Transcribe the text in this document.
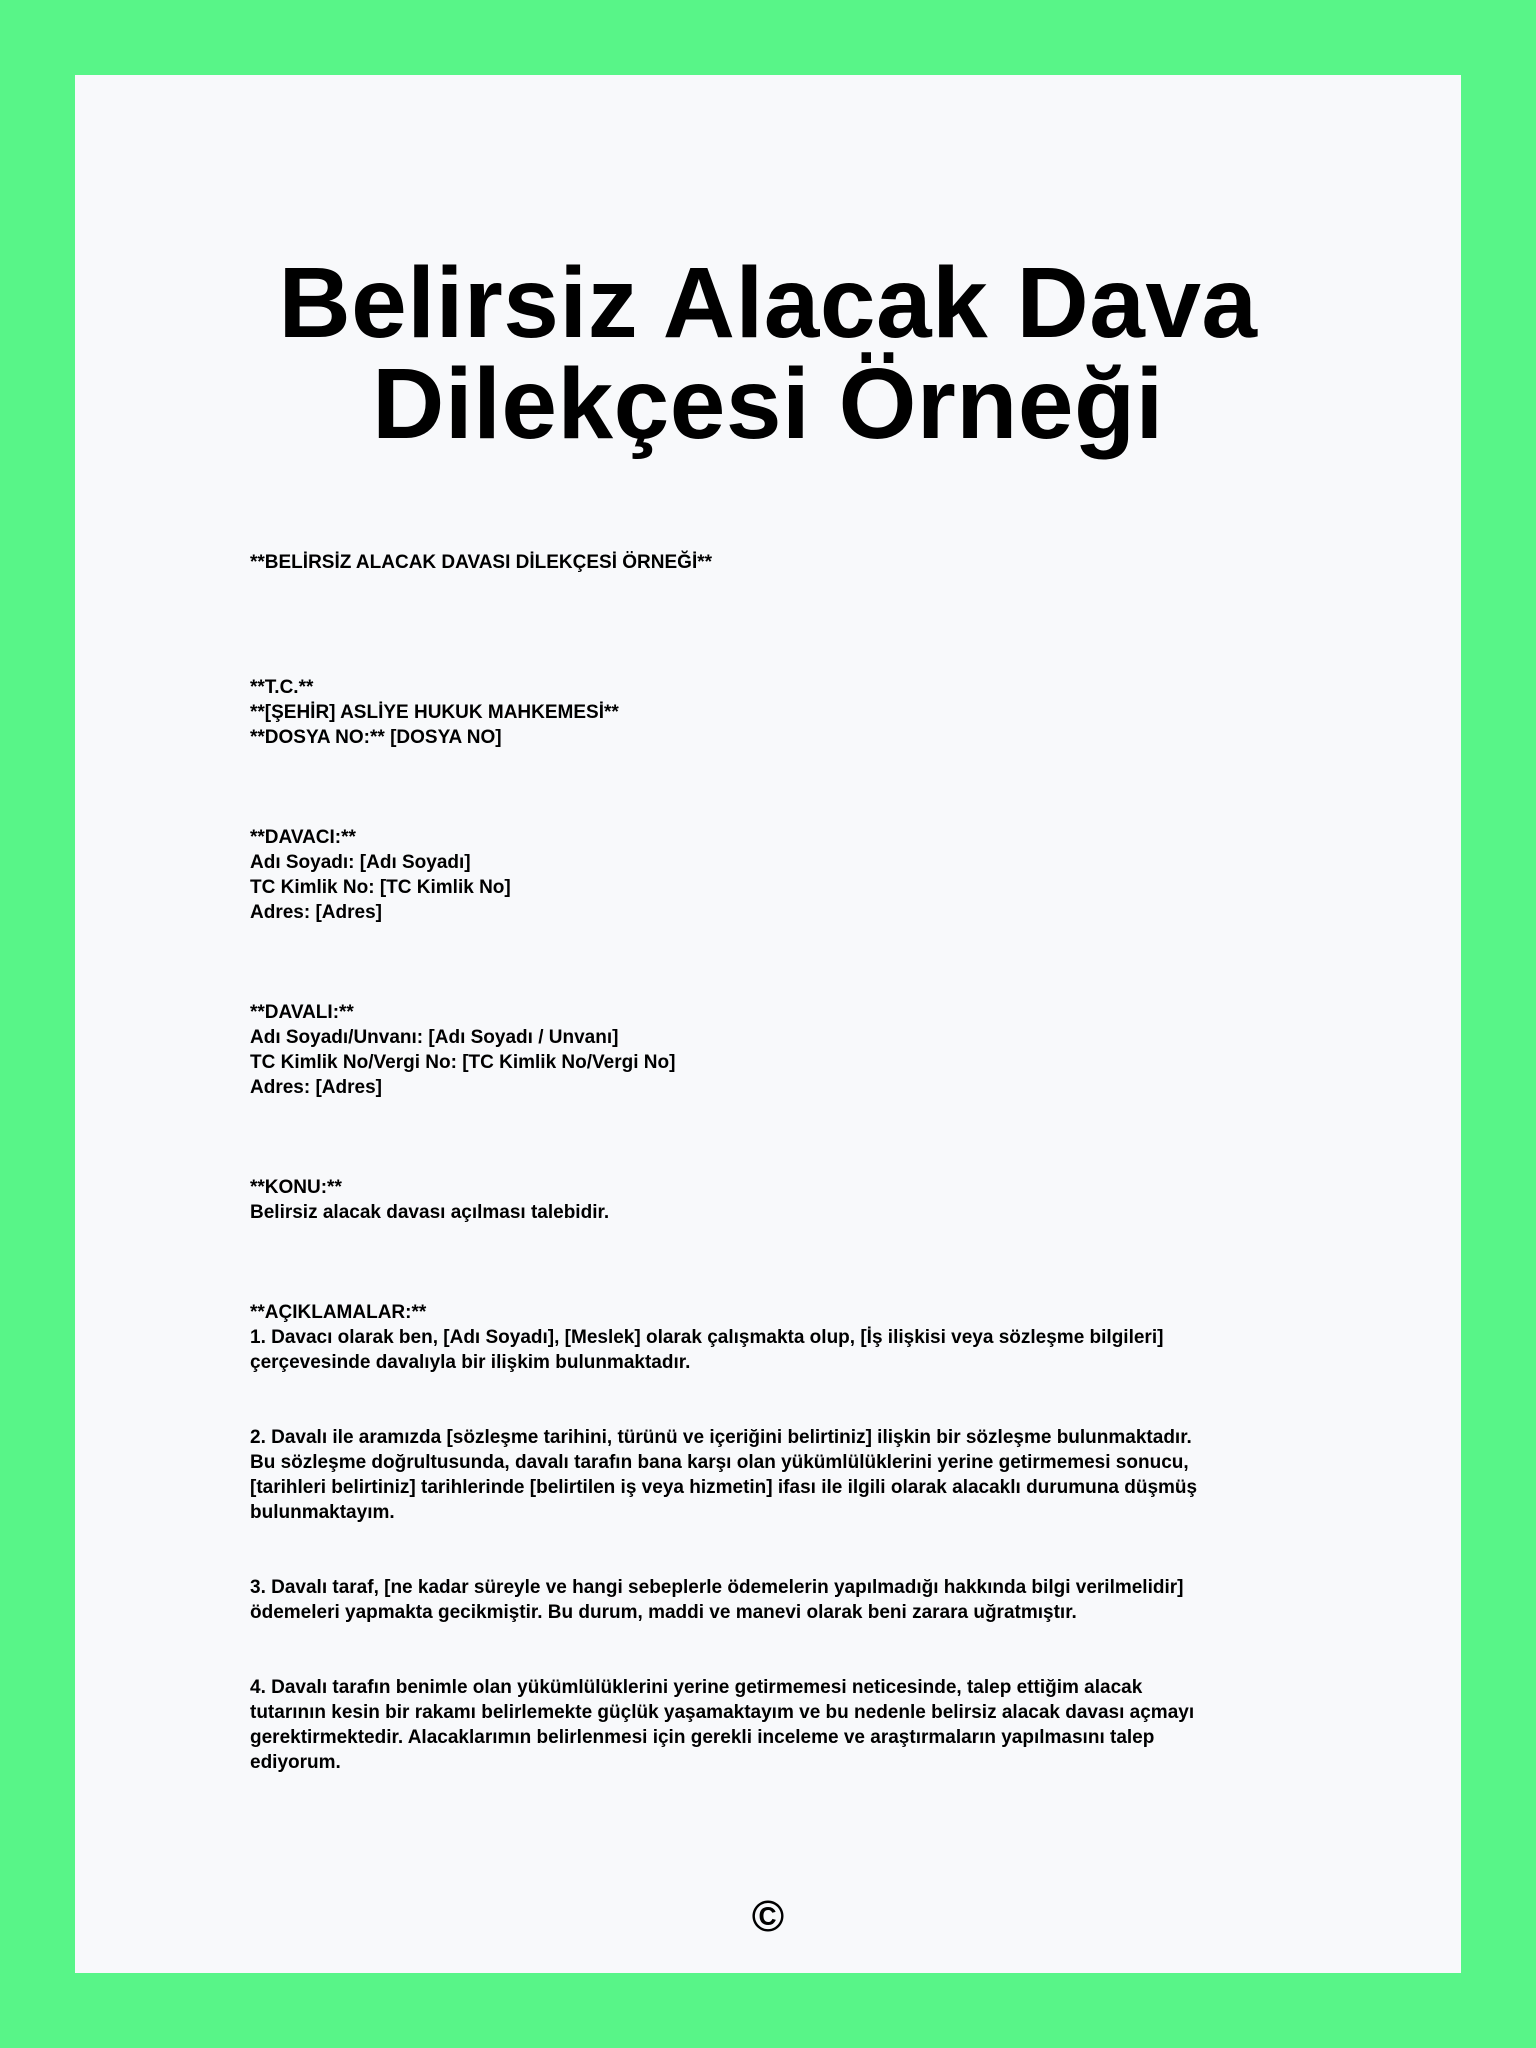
Belirsiz Alacak Dava
Dilekçesi Örneği
**BELİRSİZ ALACAK DAVASI DİLEKÇESİ ÖRNEĞİ**
**T.C.**
**[ŞEHİR] ASLİYE HUKUK MAHKEMESİ**
**DOSYA NO:** [DOSYA NO]
**DAVACI:**
Adı Soyadı: [Adı Soyadı]
TC Kimlik No: [TC Kimlik No]
Adres: [Adres]
**DAVALI:**
Adı Soyadı/Unvanı: [Adı Soyadı / Unvanı]
TC Kimlik No/Vergi No: [TC Kimlik No/Vergi No]
Adres: [Adres]
**KONU:**
Belirsiz alacak davası açılması talebidir.
**AÇIKLAMALAR:**
1. Davacı olarak ben, [Adı Soyadı], [Meslek] olarak çalışmakta olup, [İş ilişkisi veya sözleşme bilgileri]
çerçevesinde davalıyla bir ilişkim bulunmaktadır.
2. Davalı ile aramızda [sözleşme tarihini, türünü ve içeriğini belirtiniz] ilişkin bir sözleşme bulunmaktadır.
Bu sözleşme doğrultusunda, davalı tarafın bana karşı olan yükümlülüklerini yerine getirmemesi sonucu,
[tarihleri belirtiniz] tarihlerinde [belirtilen iş veya hizmetin] ifası ile ilgili olarak alacaklı durumuna düşmüş
bulunmaktayım.
3. Davalı taraf, [ne kadar süreyle ve hangi sebeplerle ödemelerin yapılmadığı hakkında bilgi verilmelidir]
ödemeleri yapmakta gecikmiştir. Bu durum, maddi ve manevi olarak beni zarara uğratmıştır.
4. Davalı tarafın benimle olan yükümlülüklerini yerine getirmemesi neticesinde, talep ettiğim alacak
tutarının kesin bir rakamı belirlemekte güçlük yaşamaktayım ve bu nedenle belirsiz alacak davası açmayı
gerektirmektedir. Alacaklarımın belirlenmesi için gerekli inceleme ve araştırmaların yapılmasını talep
ediyorum.
©
